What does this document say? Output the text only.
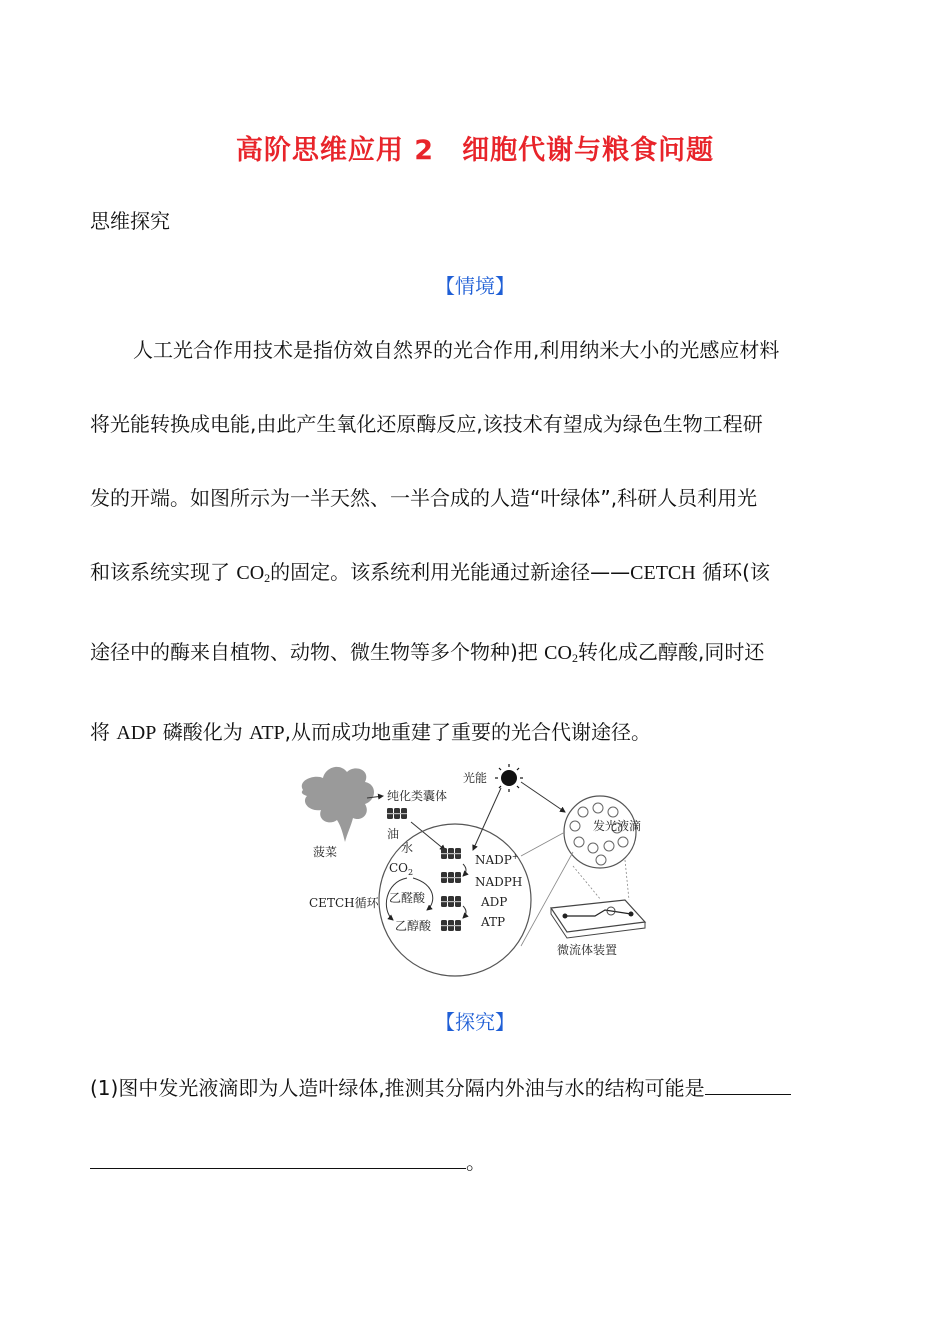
高阶思维应用 2　细胞代谢与粮食问题
思维探究
【情境】

人工光合作用技术是指仿效自然界的光合作用,利用纳米大小的光感应材料
将光能转换成电能,由此产生氧化还原酶反应,该技术有望成为绿色生物工程研
发的开端。如图所示为一半天然、一半合成的人造“叶绿体”,科研人员利用光
和该系统实现了 $CO_2$的固定。该系统利用光能通过新途径——CETCH 循环(该
途径中的酶来自植物、动物、微生物等多个物种)把 $CO_2$转化成乙醇酸,同时还
将 ADP 磷酸化为 ATP,从而成功地重建了重要的光合代谢途径。

菠菜
纯化类囊体
油
水
$CO_2$
乙醛酸
CETCH循环
乙醇酸
NADP+
NADPH
ADP
ATP
光能
发光液滴
微流体装置
【探究】
(1)图中发光液滴即为人造叶绿体,推测其分隔内外油与水的结构可能是
。
